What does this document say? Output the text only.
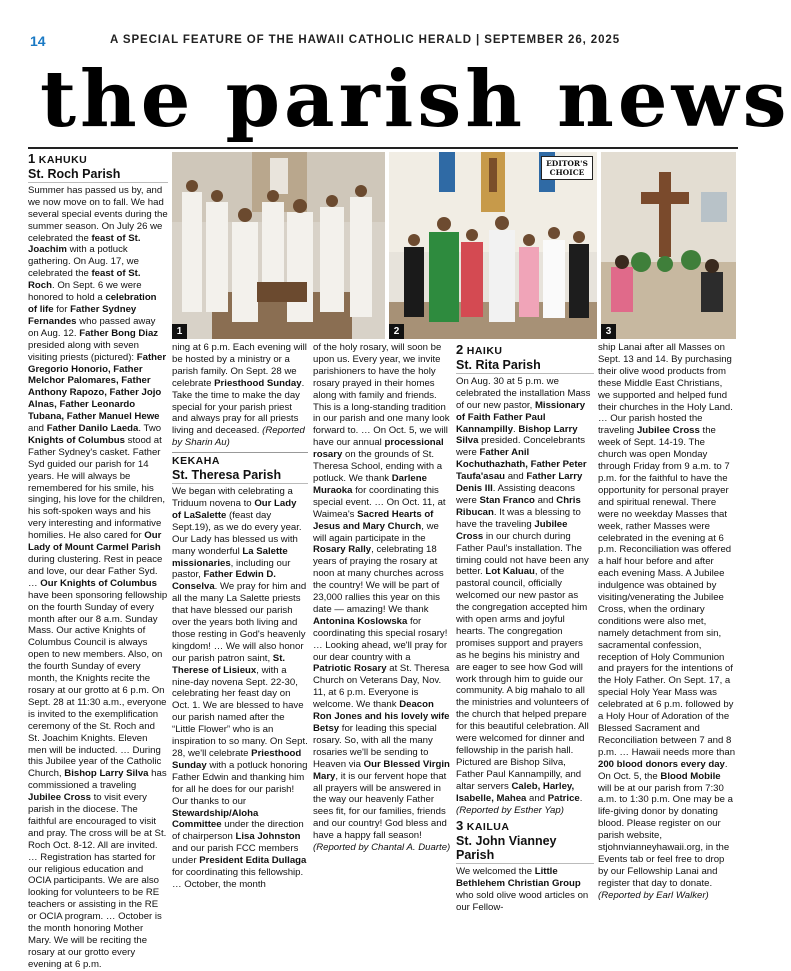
14	A SPECIAL FEATURE OF THE HAWAII CATHOLIC HERALD | SEPTEMBER 26, 2025
the parish news
1 KAHUKU
St. Roch Parish

Summer has passed us by, and we now move on to fall. We had several special events during the summer season. On July 26 we celebrated the feast of St. Joachim with a potluck gathering. On Aug. 17, we celebrated the feast of St. Roch. On Sept. 6 we were honored to hold a celebration of life for Father Sydney Fernandes who passed away on Aug. 12. Father Bong Diaz presided along with seven visiting priests (pictured): Father Gregorio Honorio, Father Melchor Palomares, Father Anthony Rapozo, Father Jojo Alnas, Father Leonardo Tubana, Father Manuel Hewe and Father Danilo Laeda. Two Knights of Columbus stood at Father Sydney's casket. Father Syd guided our parish for 14 years. He will always be remembered for his smile, his singing, his love for the children, his soft-spoken ways and his very interesting and informative homilies. He also cared for Our Lady of Mount Carmel Parish during clustering. Rest in peace and love, our dear Father Syd. … Our Knights of Columbus have been sponsoring fellowship on the fourth Sunday of every month after our 8 a.m. Sunday Mass. Our active Knights of Columbus Council is always open to new members. Also, on the fourth Sunday of every month, the Knights recite the rosary at our grotto at 6 p.m. On Sept. 28 at 11:30 a.m., everyone is invited to the exemplification ceremony of the St. Roch and St. Joachim Knights. Eleven men will be inducted. … During this Jubilee year of the Catholic Church, Bishop Larry Silva has commissioned a traveling Jubilee Cross to visit every parish in the diocese. The faithful are encouraged to visit and pray. The cross will be at St. Roch Oct. 8-12. All are invited. … Registration has started for our religious education and OCIA participants. We are also looking for volunteers to be RE teachers or assisting in the RE or OCIA program. … October is the month honoring Mother Mary. We will be reciting the rosary at our grotto every evening at 6 p.m.

1
EDITOR'S CHOICE
2	3

ning at 6 p.m. Each evening will be hosted by a ministry or a parish family. On Sept. 28 we celebrate Priesthood Sunday. Take the time to make the day special for your parish priest and always pray for all priests living and deceased. (Reported by Sharin Au)

KEKAHA
St. Theresa Parish

We began with celebrating a Triduum novena to Our Lady of LaSalette (feast day Sept.19), as we do every year. Our Lady has blessed us with many wonderful La Salette missionaries, including our pastor, Father Edwin D. Conselva. We pray for him and all the many La Salette priests that have blessed our parish over the years both living and those resting in God's heavenly kingdom! … We will also honor our parish patron saint, St. Therese of Lisieux, with a nine-day novena Sept. 22-30, celebrating her feast day on Oct. 1. We are blessed to have our parish named after the “Little Flower” who is an inspiration to so many. On Sept. 28, we'll celebrate Priesthood Sunday with a potluck honoring Father Edwin and thanking him for all he does for our parish! Our thanks to our Stewardship/Aloha Committee under the direction of chairperson Lisa Johnston and our parish FCC members under President Edita Dullaga for coordinating this fellowship. … October, the month

of the holy rosary, will soon be upon us. Every year, we invite parishioners to have the holy rosary prayed in their homes along with family and friends. This is a long-standing tradition in our parish and one many look forward to. … On Oct. 5, we will have our annual processional rosary on the grounds of St. Theresa School, ending with a potluck. We thank Darlene Muraoka for coordinating this special event. … On Oct. 11, at Waimea's Sacred Hearts of Jesus and Mary Church, we will again participate in the Rosary Rally, celebrating 18 years of praying the rosary at noon at many churches across the country! We will be part of 23,000 rallies this year on this date — amazing! We thank Antonina Koslowska for coordinating this special rosary! … Looking ahead, we'll pray for our dear country with a Patriotic Rosary at St. Theresa Church on Veterans Day, Nov. 11, at 6 p.m. Everyone is welcome. We thank Deacon Ron Jones and his lovely wife Betsy for leading this special rosary. So, with all the many rosaries we'll be sending to Heaven via Our Blessed Virgin Mary, it is our fervent hope that all prayers will be answered in the way our heavenly Father sees fit, for our families, friends and our country! God bless and have a happy fall season! (Reported by Chantal A. Duarte)

2 HAIKU
St. Rita Parish

On Aug. 30 at 5 p.m. we celebrated the installation Mass of our new pastor, Missionary of Faith Father Paul Kannampilly. Bishop Larry Silva presided. Concelebrants were Father Anil Kochuthazhath, Father Peter Taufa'asau and Father Larry Denis III. Assisting deacons were Stan Franco and Chris Ribucan. It was a blessing to have the traveling Jubilee Cross in our church during Father Paul's installation. The timing could not have been any better. Lot Kaluau, of the pastoral council, officially welcomed our new pastor as the congregation accepted him with open arms and joyful hearts. The congregation promises support and prayers as he begins his ministry and are eager to see how God will work through him to guide our community. A big mahalo to all the ministries and volunteers of the church that helped prepare for this beautiful celebration. All were welcomed for dinner and fellowship in the parish hall. Pictured are Bishop Silva, Father Paul Kannampilly, and altar servers Caleb, Harley, Isabelle, Mahea and Patrice. (Reported by Esther Yap)

3 KAILUA
St. John Vianney Parish

We welcomed the Little Bethlehem Christian Group who sold olive wood articles on our Fellow-

ship Lanai after all Masses on Sept. 13 and 14. By purchasing their olive wood products from these Middle East Christians, we supported and helped fund their churches in the Holy Land. … Our parish hosted the traveling Jubilee Cross the week of Sept. 14-19. The church was open Monday through Friday from 9 a.m. to 7 p.m. for the faithful to have the opportunity for personal prayer and spiritual renewal. There were no weekday Masses that week, rather Masses were celebrated in the evening at 6 p.m. Reconciliation was offered a half hour before and after each evening Mass. A Jubilee indulgence was obtained by visiting/venerating the Jubilee Cross, when the ordinary conditions were also met, namely detachment from sin, sacramental confession, reception of Holy Communion and prayers for the intentions of the Holy Father. On Sept. 17, a special Holy Year Mass was celebrated at 6 p.m. followed by a Holy Hour of Adoration of the Blessed Sacrament and Reconciliation between 7 and 8 p.m. … Hawaii needs more than 200 blood donors every day. On Oct. 5, the Blood Mobile will be at our parish from 7:30 a.m. to 1:30 p.m. One may be a life-giving donor by donating blood. Please register on our parish website, stjohnvianneyhawaii.org, in the Events tab or feel free to drop by our Fellowship Lanai and register that day to donate. (Reported by Earl Walker)
